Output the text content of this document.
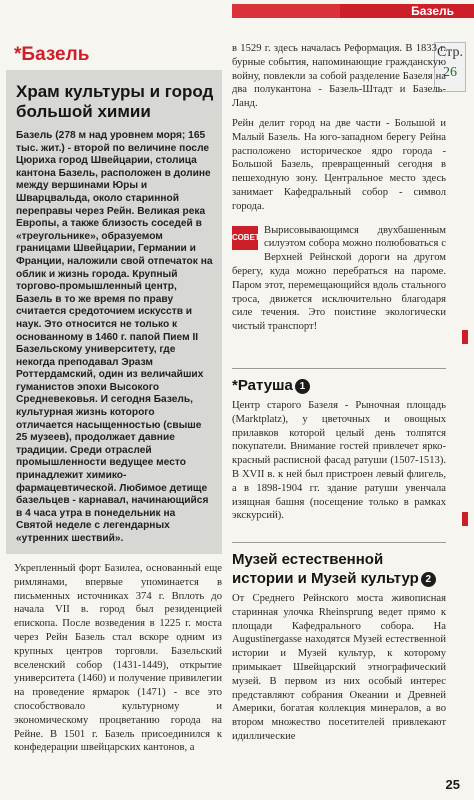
Базель
Стр.
26
*Базель
Храм культуры и город большой химии

Базель (278 м над уровнем моря; 165 тыс. жит.) - второй по величине после Цюриха город Швейцарии, столица кантона Базель, расположен в долине между вершинами Юры и Шварцвальда, около старинной переправы через Рейн. Великая река Европы, а также близость соседей в «треугольнике», образуемом границами Швейцарии, Германии и Франции, наложили свой отпечаток на облик и жизнь города. Крупный торгово-промышленный центр, Базель в то же время по праву считается средоточием искусств и наук. Это относится не только к основанному в 1460 г. папой Пием II Базельскому университету, где некогда преподавал Эразм Роттердамский, один из величайших гуманистов эпохи Высокого Средневековья. И сегодня Базель, культурная жизнь которого отличается насыщенностью (свыше 25 музеев), продолжает давние традиции. Среди отраслей промышленности ведущее место принадлежит химико-фармацевтической. Любимое детище базельцев - карнавал, начинающийся в 4 часа утра в понедельник на Святой неделе с легендарных «утренних шествий».

Укрепленный форт Базилеа, основанный еще римлянами, впервые упоминается в письменных источниках 374 г. Вплоть до начала VII в. город был резиденцией епископа. После возведения в 1225 г. моста через Рейн Базель стал вскоре одним из крупных центров торговли. Базельский вселенский собор (1431-1449), открытие университета (1460) и получение привилегии на проведение ярмарок (1471) - все это способствовало культурному и экономическому процветанию города на Рейне. В 1501 г. Базель присоединился к конфедерации швейцарских кантонов, а

в 1529 г. здесь началась Реформация. В 1833 г. бурные события, напоминающие гражданскую войну, повлекли за собой разделение Базеля на два полукантона - Базель-Штадт и Базель-Ланд.

Рейн делит город на две части - Большой и Малый Базель. На юго-западном берегу Рейна расположено историческое ядро города - Большой Базель, превращенный сегодня в пешеходную зону. Центральное место здесь занимает Кафедральный собор - символ города.

СОВЕТ

Вырисовывающимся двухбашенным силуэтом собора можно полюбоваться с Верхней Рейнской дороги на другом берегу, куда можно перебраться на пароме. Паром этот, перемещающийся вдоль стального троса, движется исключительно благодаря силе течения. Это поистине экологически чистый транспорт!

*Ратуша 1

Центр старого Базеля - Рыночная площадь (Marktplatz), у цветочных и овощных прилавков которой целый день толпятся покупатели. Внимание гостей привлечет ярко-красный расписной фасад ратуши (1507-1513). В XVII в. к ней был пристроен левый флигель, а в 1898-1904 гг. здание ратуши увенчала изящная башня (посещение только в рамках экскурсий).

Музей естественной истории и Музей культур 2

От Среднего Рейнского моста живописная старинная улочка Rheinsprung ведет прямо к площади Кафедрального собора. На Augustinergasse находятся Музей естественной истории и Музей культур, к которому примыкает Швейцарский этнографический музей. В первом из них особый интерес представляют собрания Океании и Древней Америки, богатая коллекция минералов, а во втором множество посетителей привлекают идиллические

25
